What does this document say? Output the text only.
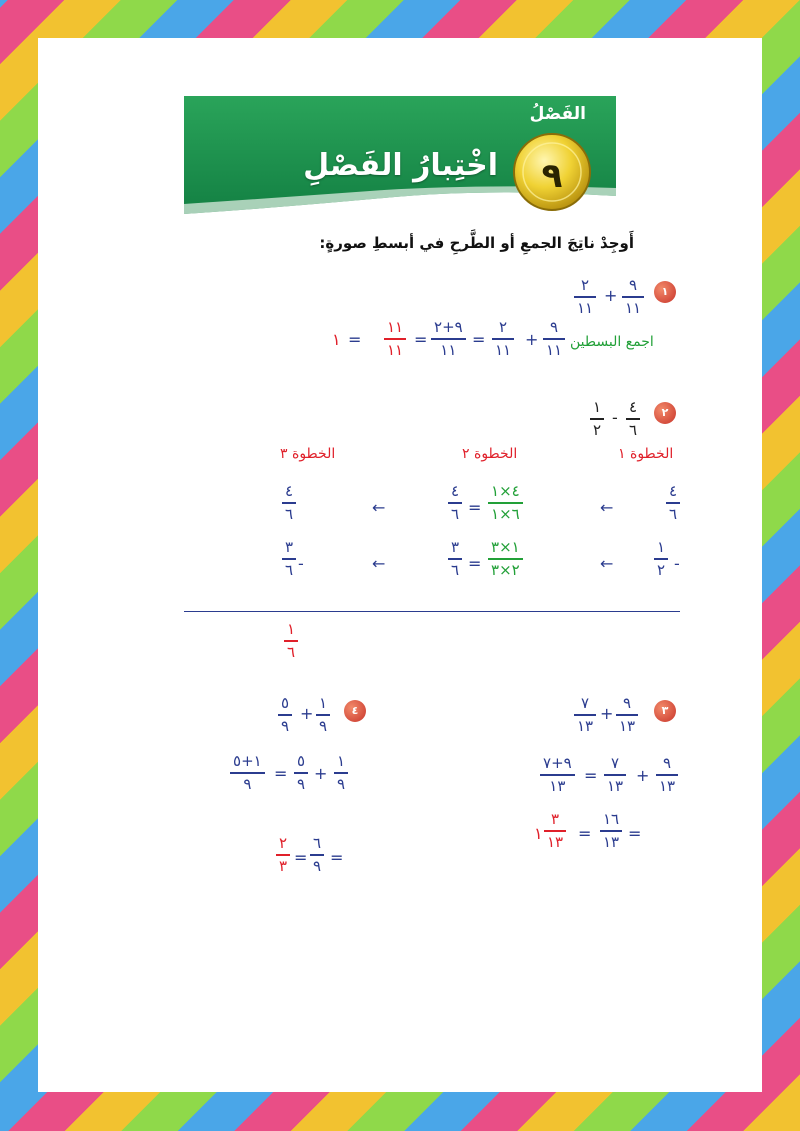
الفَصْلُ
٩
اخْتِبارُ الفَصْلِ
أَوجِدْ ناتِجَ الجمعِ أو الطَّرحِ في أبسطِ صورةٍ:
١
٩
١١
+
٢
١١
اجمع البسطين
٩
١١
+
٢
١١
=
٩+٢
١١
=
١١
١١
=
١
٢
٤
٦
-
١
٢
الخطوة ١
الخطوة ٢
الخطوة ٣
٤
٦
←
٤×١
٦×١
=
٤
٦
←
٤
٦
-
١
٢
←
١×٣
٢×٣
=
٣
٦
←
-
٣
٦
١
٦
٣
٩
١٣
+
٧
١٣
٩
١٣
+
٧
١٣
=
٩+٧
١٣
=
١٦
١٣
=
٣
١٣
١
٤
١
٩
+
٥
٩
١
٩
+
٥
٩
=
١+٥
٩
=
٦
٩
=
٢
٣
